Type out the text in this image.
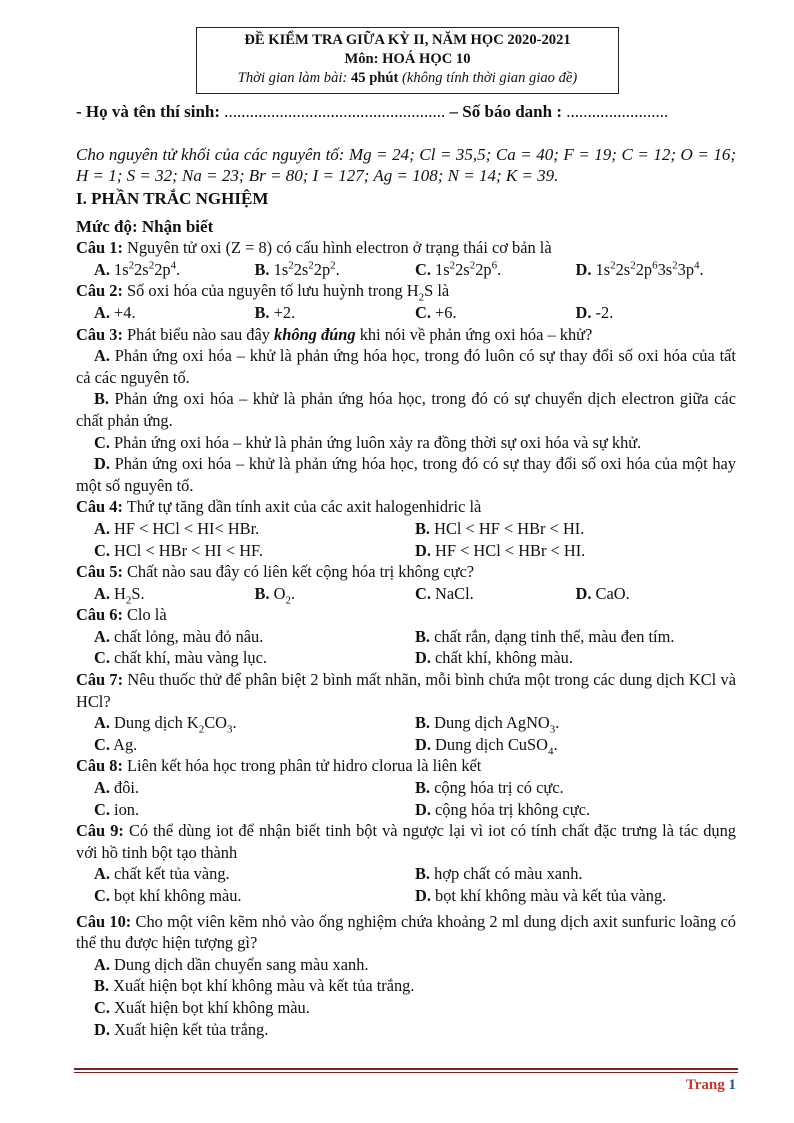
ĐỀ KIỂM TRA GIỮA KỲ II, NĂM HỌC 2020-2021
Môn: HOÁ HỌC 10
Thời gian làm bài: 45 phút (không tính thời gian giao đề)
- Họ và tên thí sinh: .................................................... – Số báo danh : ........................
Cho nguyên tử khối của các nguyên tố: Mg = 24; Cl = 35,5; Ca = 40; F = 19; C = 12; O = 16; H = 1; S = 32; Na = 23; Br = 80; I = 127; Ag = 108; N = 14; K = 39.
I. PHẦN TRẮC NGHIỆM
Mức độ: Nhận biết
Câu 1: Nguyên tử oxi (Z = 8) có cấu hình electron ở trạng thái cơ bản là
A. $1s^22s^22p^4$.	B. $1s^22s^22p^2$.	C. $1s^22s^22p^6$.	D. $1s^22s^22p^63s^23p^4$.
Câu 2: Số oxi hóa của nguyên tố lưu huỳnh trong $H_2S$ là
A. +4.	B. +2.	C. +6.	D. -2.
Câu 3: Phát biểu nào sau đây không đúng khi nói về phản ứng oxi hóa – khử?
A. Phản ứng oxi hóa – khử là phản ứng hóa học, trong đó luôn có sự thay đổi số oxi hóa của tất cả các nguyên tố.
B. Phản ứng oxi hóa – khử là phản ứng hóa học, trong đó có sự chuyển dịch electron giữa các chất phản ứng.
C. Phản ứng oxi hóa – khử là phản ứng luôn xảy ra đồng thời sự oxi hóa và sự khử.
D. Phản ứng oxi hóa – khử là phản ứng hóa học, trong đó có sự thay đổi số oxi hóa của một hay một số nguyên tố.
Câu 4: Thứ tự tăng dần tính axit của các axit halogenhidric là
A. HF < HCl < HI< HBr.	B. HCl < HF < HBr < HI.
C. HCl < HBr < HI < HF.	D. HF < HCl < HBr < HI.
Câu 5: Chất nào sau đây có liên kết cộng hóa trị không cực?
A. $H_2S$.	B. $O_2$.	C. NaCl.	D. CaO.
Câu 6: Clo là
A. chất lỏng, màu đỏ nâu.	B. chất rắn, dạng tinh thể, màu đen tím.
C. chất khí, màu vàng lục.	D. chất khí, không màu.
Câu 7: Nêu thuốc thử để phân biệt 2 bình mất nhãn, mỗi bình chứa một trong các dung dịch KCl và HCl?
A. Dung dịch $K_2CO_3$.	B. Dung dịch AgNO$_3$.
C. Ag.	D. Dung dịch CuSO$_4$.
Câu 8: Liên kết hóa học trong phân tử hidro clorua là liên kết
A. đôi.	B. cộng hóa trị có cực.
C. ion.	D. cộng hóa trị không cực.
Câu 9: Có thể dùng iot để nhận biết tinh bột và ngược lại vì iot có tính chất đặc trưng là tác dụng với hồ tinh bột tạo thành
A. chất kết tủa vàng.	B. hợp chất có màu xanh.
C. bọt khí không màu.	D. bọt khí không màu và kết tủa vàng.
Câu 10: Cho một viên kẽm nhỏ vào ống nghiệm chứa khoảng 2 ml dung dịch axit sunfuric loãng có thể thu được hiện tượng gì?
A. Dung dịch dần chuyển sang màu xanh.
B. Xuất hiện bọt khí không màu và kết tủa trắng.
C. Xuất hiện bọt khí không màu.
D. Xuất hiện kết tủa trắng.
Trang 1
